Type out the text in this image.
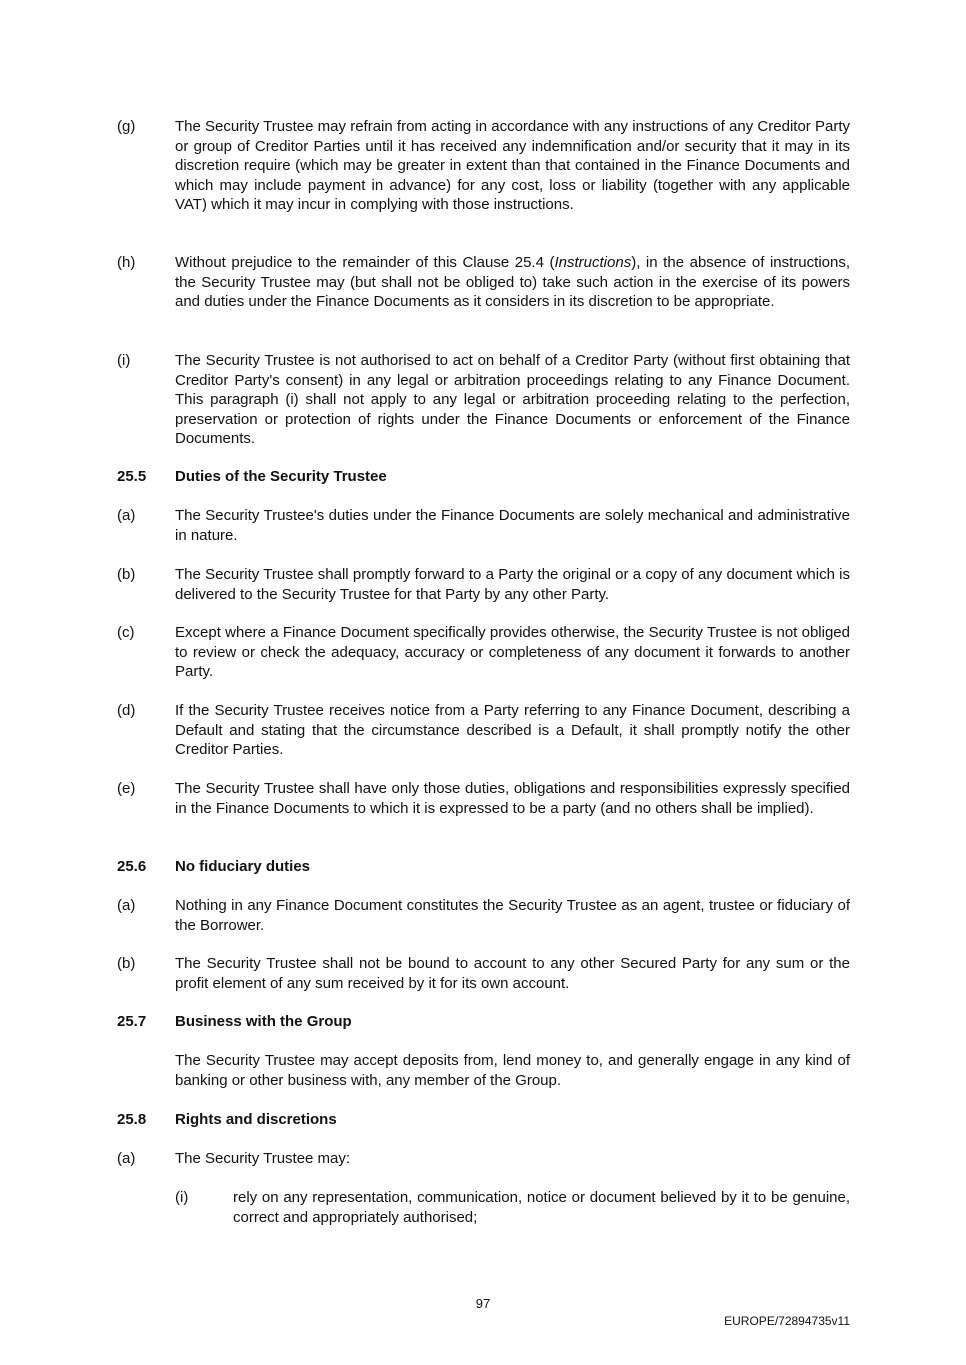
(g)	The Security Trustee may refrain from acting in accordance with any instructions of any Creditor Party or group of Creditor Parties until it has received any indemnification and/or security that it may in its discretion require (which may be greater in extent than that contained in the Finance Documents and which may include payment in advance) for any cost, loss or liability (together with any applicable VAT) which it may incur in complying with those instructions.
(h)	Without prejudice to the remainder of this Clause 25.4 (Instructions), in the absence of instructions, the Security Trustee may (but shall not be obliged to) take such action in the exercise of its powers and duties under the Finance Documents as it considers in its discretion to be appropriate.
(i)	The Security Trustee is not authorised to act on behalf of a Creditor Party (without first obtaining that Creditor Party's consent) in any legal or arbitration proceedings relating to any Finance Document. This paragraph (i) shall not apply to any legal or arbitration proceeding relating to the perfection, preservation or protection of rights under the Finance Documents or enforcement of the Finance Documents.
25.5	Duties of the Security Trustee
(a)	The Security Trustee's duties under the Finance Documents are solely mechanical and administrative in nature.
(b)	The Security Trustee shall promptly forward to a Party the original or a copy of any document which is delivered to the Security Trustee for that Party by any other Party.
(c)	Except where a Finance Document specifically provides otherwise, the Security Trustee is not obliged to review or check the adequacy, accuracy or completeness of any document it forwards to another Party.
(d)	If the Security Trustee receives notice from a Party referring to any Finance Document, describing a Default and stating that the circumstance described is a Default, it shall promptly notify the other Creditor Parties.
(e)	The Security Trustee shall have only those duties, obligations and responsibilities expressly specified in the Finance Documents to which it is expressed to be a party (and no others shall be implied).
25.6	No fiduciary duties
(a)	Nothing in any Finance Document constitutes the Security Trustee as an agent, trustee or fiduciary of the Borrower.
(b)	The Security Trustee shall not be bound to account to any other Secured Party for any sum or the profit element of any sum received by it for its own account.
25.7	Business with the Group
The Security Trustee may accept deposits from, lend money to, and generally engage in any kind of banking or other business with, any member of the Group.
25.8	Rights and discretions
(a)	The Security Trustee may:
(i)	rely on any representation, communication, notice or document believed by it to be genuine, correct and appropriately authorised;
97
EUROPE/72894735v11
